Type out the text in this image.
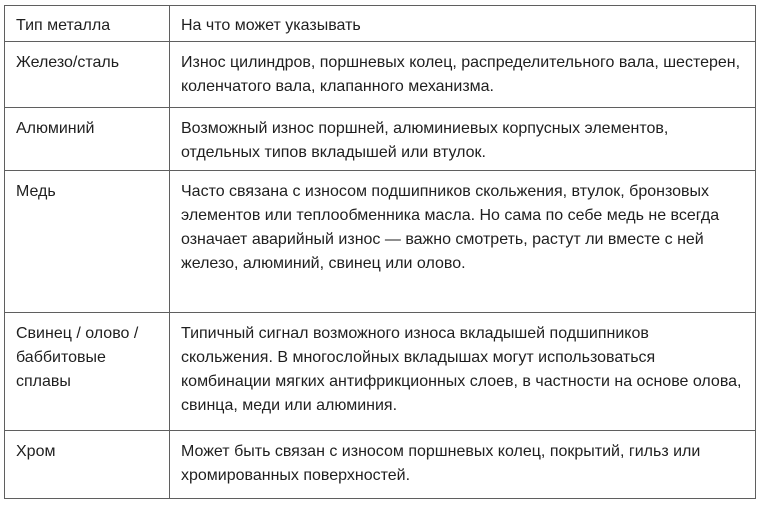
Тип металла	На что может указывать
Железо/сталь	Износ цилиндров, поршневых колец, распределительного вала, шестерен, коленчатого вала, клапанного механизма.
Алюминий	Возможный износ поршней, алюминиевых корпусных элементов, отдельных типов вкладышей или втулок.
Медь	Часто связана с износом подшипников скольжения, втулок, бронзовых элементов или теплообменника масла. Но сама по себе медь не всегда означает аварийный износ — важно смотреть, растут ли вместе с ней железо, алюминий, свинец или олово.
Свинец / олово / баббитовые сплавы	Типичный сигнал возможного износа вкладышей подшипников скольжения. В многослойных вкладышах могут использоваться комбинации мягких антифрикционных слоев, в частности на основе олова, свинца, меди или алюминия.
Хром	Может быть связан с износом поршневых колец, покрытий, гильз или хромированных поверхностей.
